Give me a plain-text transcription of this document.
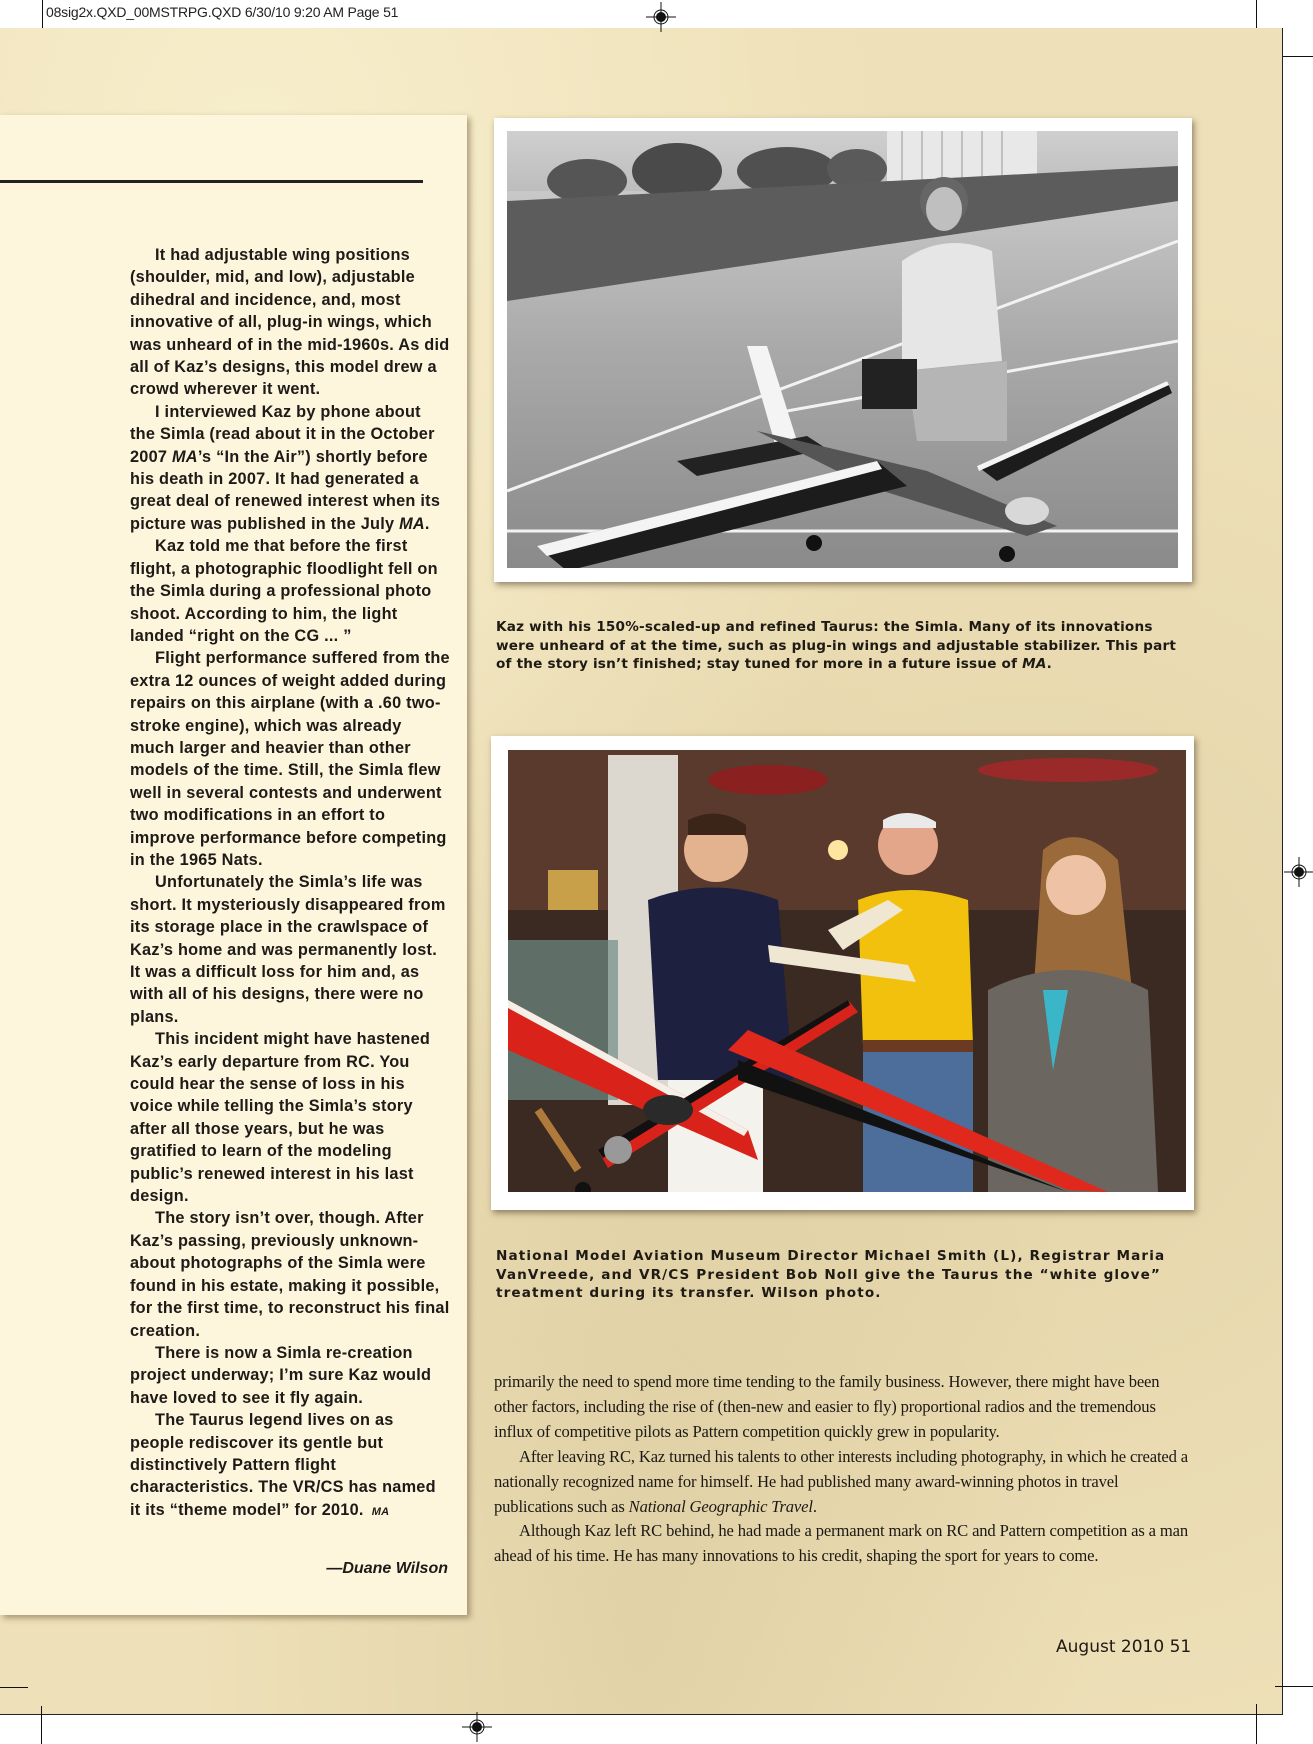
08sig2x.QXD_00MSTRPG.QXD 6/30/10 9:20 AM Page 51

It had adjustable wing positions (shoulder, mid, and low), adjustable dihedral and incidence, and, most innovative of all, plug-in wings, which was unheard of in the mid-1960s. As did all of Kaz’s designs, this model drew a crowd wherever it went.

I interviewed Kaz by phone about the Simla (read about it in the October 2007 MA’s “In the Air”) shortly before his death in 2007. It had generated a great deal of renewed interest when its picture was published in the July MA.

Kaz told me that before the first flight, a photographic floodlight fell on the Simla during a professional photo shoot. According to him, the light landed “right on the CG ... ”

Flight performance suffered from the extra 12 ounces of weight added during repairs on this airplane (with a .60 two-stroke engine), which was already much larger and heavier than other models of the time. Still, the Simla flew well in several contests and underwent two modifications in an effort to improve performance before competing in the 1965 Nats.

Unfortunately the Simla’s life was short. It mysteriously disappeared from its storage place in the crawlspace of Kaz’s home and was permanently lost. It was a difficult loss for him and, as with all of his designs, there were no plans.

This incident might have hastened Kaz’s early departure from RC. You could hear the sense of loss in his voice while telling the Simla’s story after all those years, but he was gratified to learn of the modeling public’s renewed interest in his last design.

The story isn’t over, though. After Kaz’s passing, previously unknown-about photographs of the Simla were found in his estate, making it possible, for the first time, to reconstruct his final creation.

There is now a Simla re-creation project underway; I’m sure Kaz would have loved to see it fly again.

The Taurus legend lives on as people rediscover its gentle but distinctively Pattern flight characteristics. The VR/CS has named it its “theme model” for 2010. MA

—Duane Wilson
Kaz with his 150%-scaled-up and refined Taurus: the Simla. Many of its innovations were unheard of at the time, such as plug-in wings and adjustable stabilizer. This part of the story isn’t finished; stay tuned for more in a future issue of MA.
National Model Aviation Museum Director Michael Smith (L), Registrar Maria VanVreede, and VR/CS President Bob Noll give the Taurus the “white glove” treatment during its transfer. Wilson photo.

primarily the need to spend more time tending to the family business. However, there might have been other factors, including the rise of (then-new and easier to fly) proportional radios and the tremendous influx of competitive pilots as Pattern competition quickly grew in popularity.

After leaving RC, Kaz turned his talents to other interests including photography, in which he created a nationally recognized name for himself. He had published many award-winning photos in travel publications such as National Geographic Travel.

Although Kaz left RC behind, he had made a permanent mark on RC and Pattern competition as a man ahead of his time. He has many innovations to his credit, shaping the sport for years to come.

August 2010 51
